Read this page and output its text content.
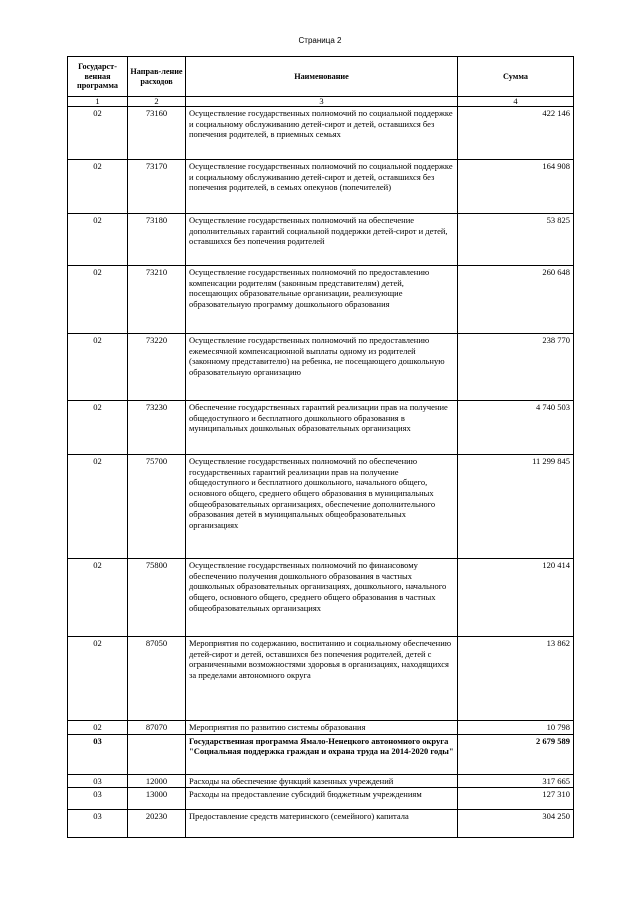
Страница 2
Государст-венная программа	Направ-ление расходов	Наименование	Сумма
1	2	3	4
02	73160	Осуществление государственных полномочий по социальной поддержке и социальному обслуживанию детей-сирот и детей, оставшихся без попечения родителей, в приемных семьях	422 146
02	73170	Осуществление государственных полномочий по социальной поддержке и социальному обслуживанию детей-сирот и детей, оставшихся без попечения родителей, в семьях опекунов (попечителей)	164 908
02	73180	Осуществление государственных полномочий на обеспечение дополнительных гарантий социальной поддержки детей-сирот и детей, оставшихся без попечения родителей	53 825
02	73210	Осуществление государственных полномочий по предоставлению компенсации родителям (законным представителям) детей, посещающих образовательные организации, реализующие образовательную программу дошкольного образования	260 648
02	73220	Осуществление государственных полномочий по предоставлению ежемесячной компенсационной выплаты одному из родителей (законному представителю) на ребенка, не посещающего дошкольную образовательную организацию	238 770
02	73230	Обеспечение государственных гарантий реализации прав на получение общедоступного и бесплатного дошкольного образования в муниципальных дошкольных образовательных организациях	4 740 503
02	75700	Осуществление государственных полномочий по обеспечению государственных гарантий реализации прав на получение общедоступного и бесплатного дошкольного, начального общего, основного общего, среднего общего образования в муниципальных общеобразовательных организациях, обеспечение дополнительного образования детей в муниципальных общеобразовательных организациях	11 299 845
02	75800	Осуществление государственных полномочий по финансовому обеспечению получения дошкольного образования в частных дошкольных образовательных организациях, дошкольного, начального общего, основного общего, среднего общего образования в частных общеобразовательных организациях	120 414
02	87050	Мероприятия по содержанию, воспитанию и социальному обеспечению детей-сирот и детей, оставшихся без попечения родителей, детей с ограниченными возможностями здоровья в организациях, находящихся за пределами автономного округа	13 862
02	87070	Мероприятия по развитию системы образования	10 798
03		Государственная программа Ямало-Ненецкого автономного округа "Социальная поддержка граждан и охрана труда на 2014-2020 годы"	2 679 589
03	12000	Расходы на обеспечение функций казенных учреждений	317 665
03	13000	Расходы на предоставление субсидий бюджетным учреждениям	127 310
03	20230	Предоставление средств материнского (семейного) капитала	304 250
